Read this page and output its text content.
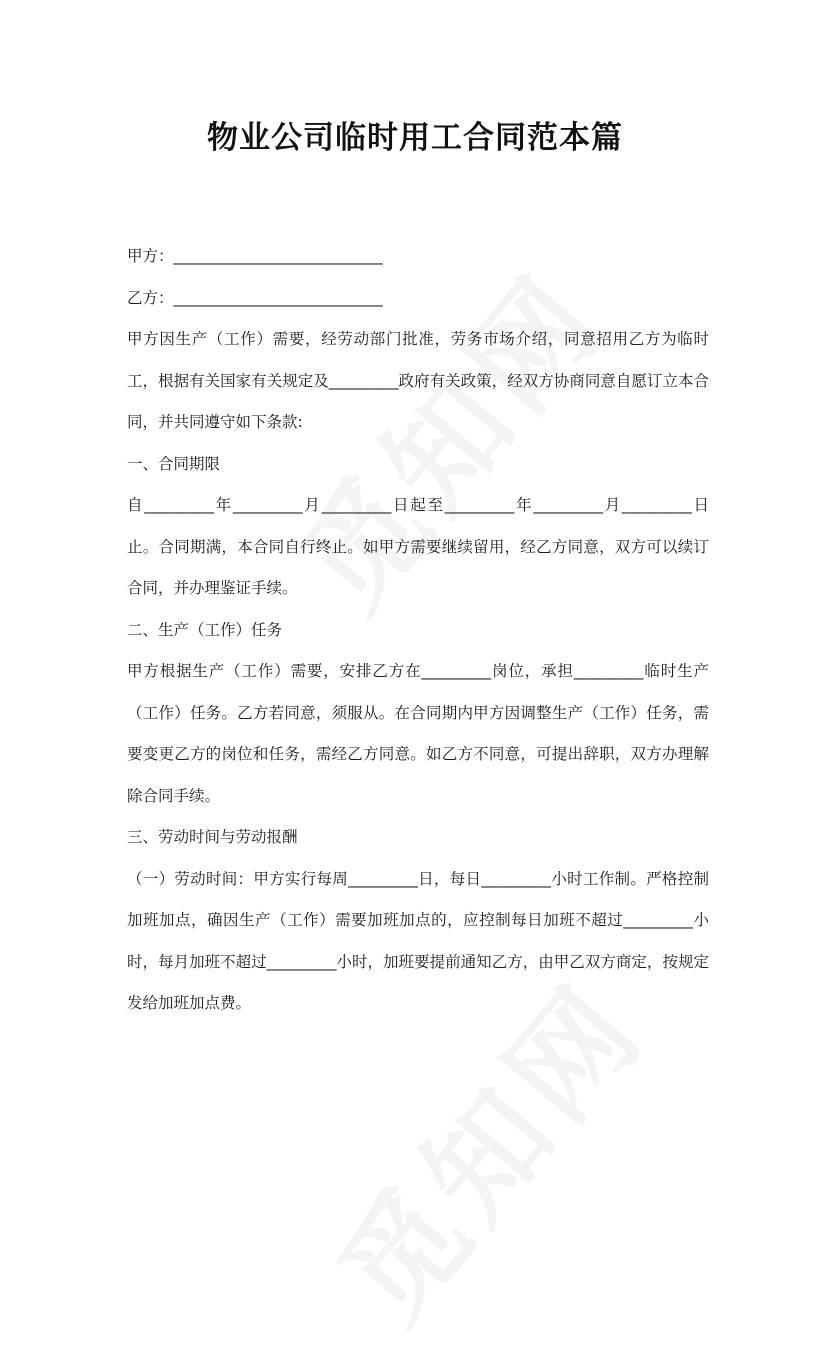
物业公司临时用工合同范本篇

甲方：___________________________

乙方：___________________________

甲方因生产（工作）需要，经劳动部门批准，劳务市场介绍，同意招用乙方为临时工，根据有关国家有关规定及_________政府有关政策，经双方协商同意自愿订立本合同，并共同遵守如下条款:

一、合同期限

自_________年_________月_________日起至_________年_________月_________日止。合同期满，本合同自行终止。如甲方需要继续留用，经乙方同意，双方可以续订合同，并办理鉴证手续。

二、生产（工作）任务

甲方根据生产（工作）需要，安排乙方在_________岗位，承担_________临时生产（工作）任务。乙方若同意，须服从。在合同期内甲方因调整生产（工作）任务，需要变更乙方的岗位和任务，需经乙方同意。如乙方不同意，可提出辞职，双方办理解除合同手续。

三、劳动时间与劳动报酬

（一）劳动时间：甲方实行每周_________日，每日_________小时工作制。严格控制加班加点，确因生产（工作）需要加班加点的，应控制每日加班不超过_________小时，每月加班不超过_________小时，加班要提前通知乙方，由甲乙双方商定，按规定发给加班加点费。
